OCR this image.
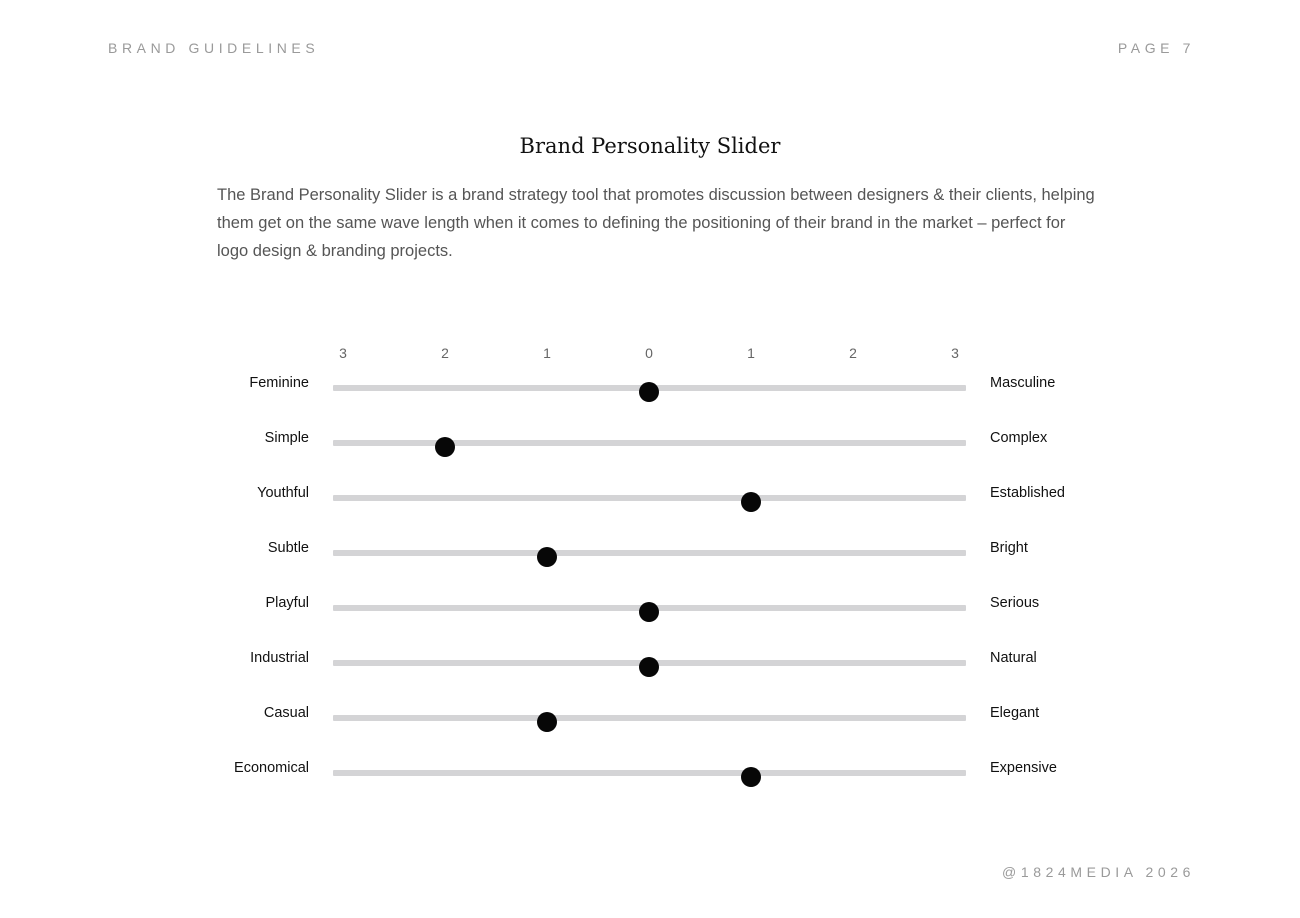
BRAND GUIDELINES	PAGE 7
Brand Personality Slider
The Brand Personality Slider is a brand strategy tool that promotes discussion between designers & their clients, helping them get on the same wave length when it comes to defining the positioning of their brand in the market – perfect for logo design & branding projects.
3	2	1	0	1	2	3
Feminine	Masculine
Simple	Complex
Youthful	Established
Subtle	Bright
Playful	Serious
Industrial	Natural
Casual	Elegant
Economical	Expensive
@1824MEDIA 2026
